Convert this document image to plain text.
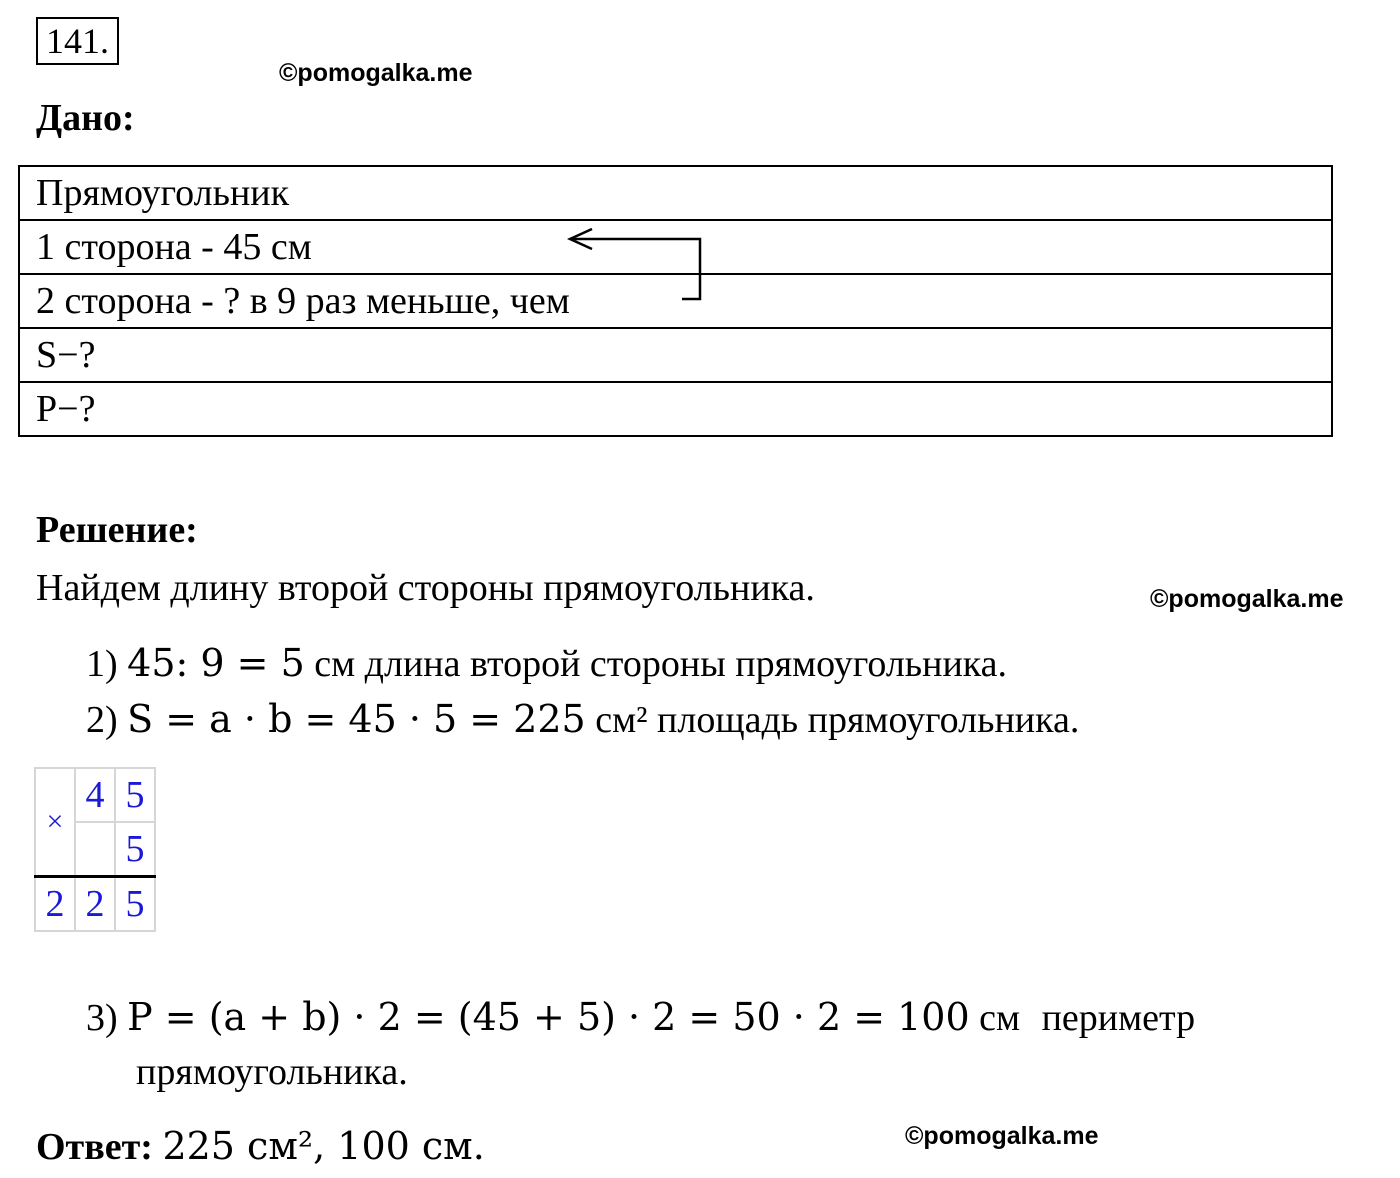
141.
©pomogalka.me
Дано:
Прямоугольник
1 сторона - 45 см
2 сторона - ? в 9 раз меньше, чем
S−?
P−?
Решение:
Найдем длину второй стороны прямоугольника.	©pomogalka.me
1) 45: 9 = 5 см длина второй стороны прямоугольника.
2) S = a · b = 45 · 5 = 225 см² площадь прямоугольника.
×	4	5
		5
2	2	5
3) P = (a + b) · 2 = (45 + 5) · 2 = 50 · 2 = 100 см периметр
прямоугольника.
Ответ: 225 см², 100 см.	©pomogalka.me
